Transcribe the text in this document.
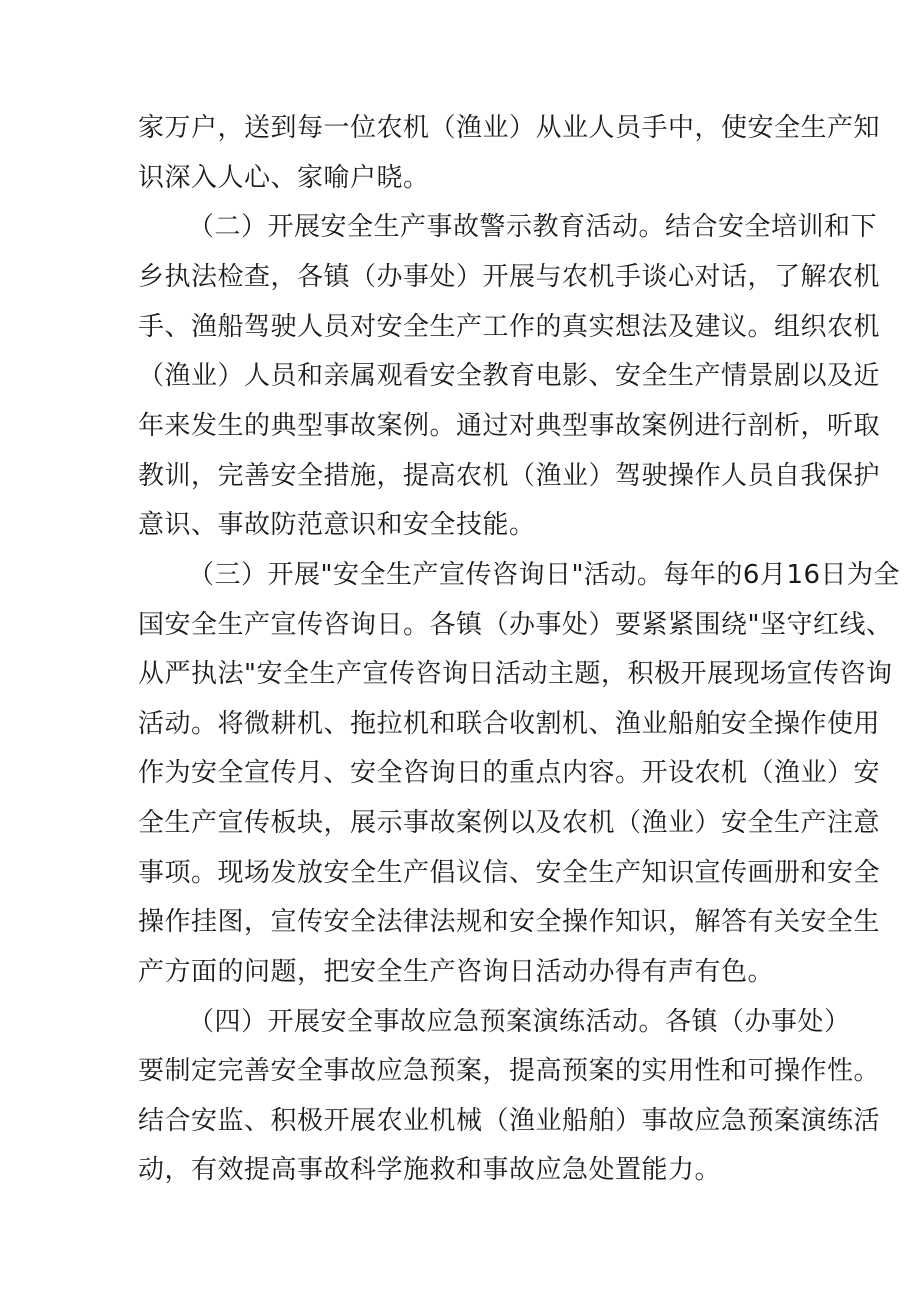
家万户，送到每一位农机（渔业）从业人员手中，使安全生产知

识深入人心、家喻户晓。

（二）开展安全生产事故警示教育活动。结合安全培训和下

乡执法检查，各镇（办事处）开展与农机手谈心对话，了解农机

手、渔船驾驶人员对安全生产工作的真实想法及建议。组织农机

（渔业）人员和亲属观看安全教育电影、安全生产情景剧以及近

年来发生的典型事故案例。通过对典型事故案例进行剖析，听取

教训，完善安全措施，提高农机（渔业）驾驶操作人员自我保护

意识、事故防范意识和安全技能。

（三）开展"安全生产宣传咨询日"活动。每年的6月16日为全

国安全生产宣传咨询日。各镇（办事处）要紧紧围绕"坚守红线、

从严执法"安全生产宣传咨询日活动主题，积极开展现场宣传咨询

活动。将微耕机、拖拉机和联合收割机、渔业船舶安全操作使用

作为安全宣传月、安全咨询日的重点内容。开设农机（渔业）安

全生产宣传板块，展示事故案例以及农机（渔业）安全生产注意

事项。现场发放安全生产倡议信、安全生产知识宣传画册和安全

操作挂图，宣传安全法律法规和安全操作知识，解答有关安全生

产方面的问题，把安全生产咨询日活动办得有声有色。

（四）开展安全事故应急预案演练活动。各镇（办事处）

要制定完善安全事故应急预案，提高预案的实用性和可操作性。

结合安监、积极开展农业机械（渔业船舶）事故应急预案演练活

动，有效提高事故科学施救和事故应急处置能力。
